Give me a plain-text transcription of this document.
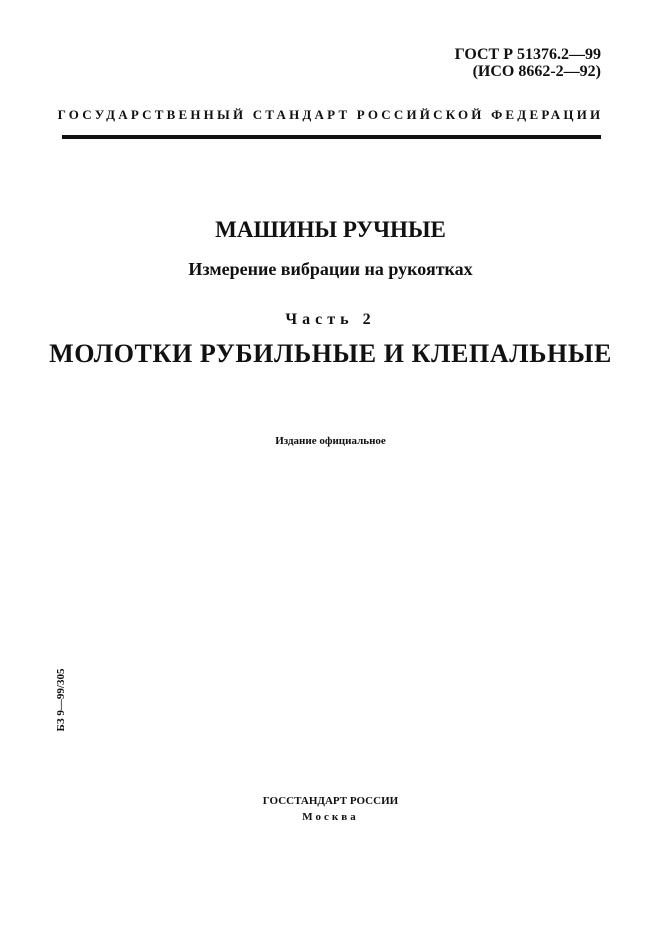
ГОСТ Р 51376.2—99
(ИСО 8662-2—92)
ГОСУДАРСТВЕННЫЙ СТАНДАРТ РОССИЙСКОЙ ФЕДЕРАЦИИ
МАШИНЫ РУЧНЫЕ
Измерение вибрации на рукоятках
Часть 2
МОЛОТКИ РУБИЛЬНЫЕ И КЛЕПАЛЬНЫЕ
Издание официальное
БЗ 9—99/305
ГОССТАНДАРТ РОССИИ
Москва
